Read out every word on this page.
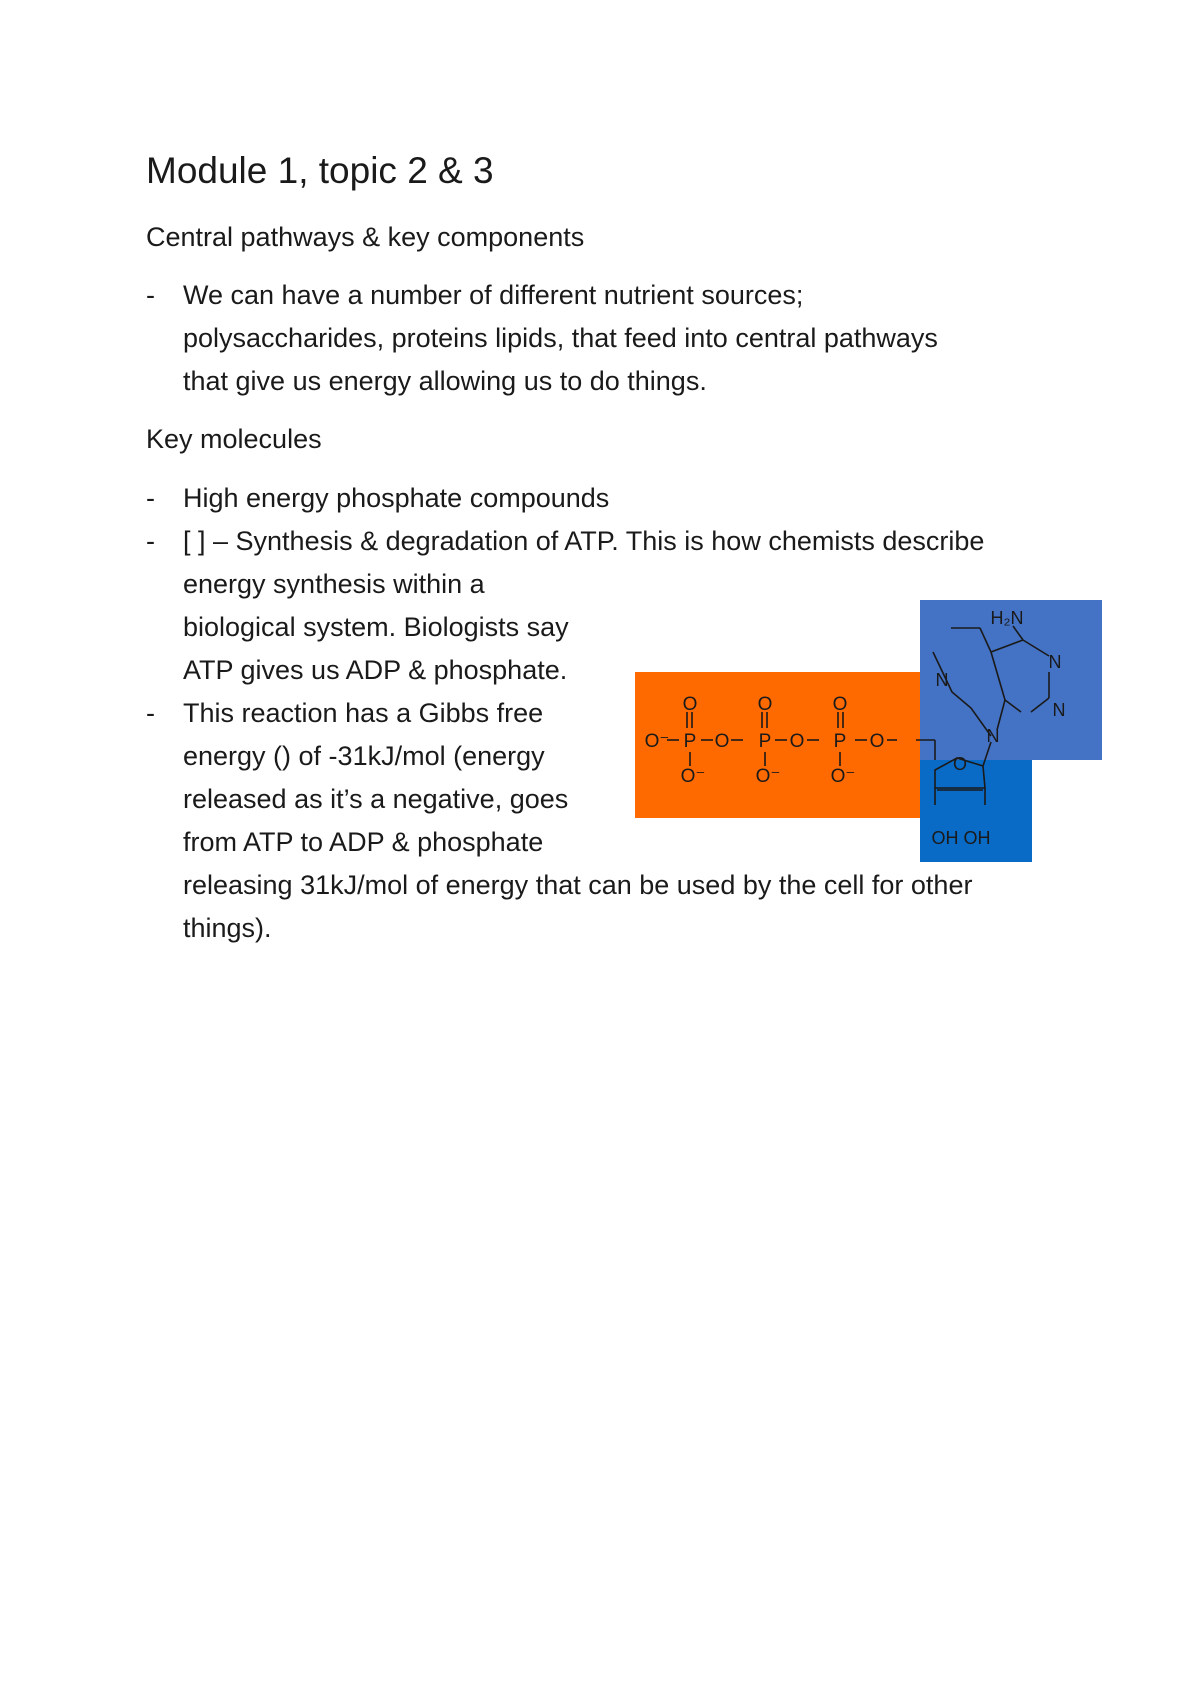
Module 1, topic 2 & 3
Central pathways & key components
- We can have a number of different nutrient sources;
polysaccharides, proteins lipids, that feed into central pathways
that give us energy allowing us to do things.
Key molecules
- High energy phosphate compounds
- [ ] – Synthesis & degradation of ATP. This is how chemists describe
energy synthesis within a
biological system. Biologists say
ATP gives us ADP & phosphate.
- This reaction has a Gibbs free
energy () of -31kJ/mol (energy
released as it’s a negative, goes
from ATP to ADP & phosphate
releasing 31kJ/mol of energy that can be used by the cell for other
things).
O	O	O
O⁻ P O P O P O
O⁻	O⁻	O⁻
H₂N
N
N
N
N
O
OH OH
